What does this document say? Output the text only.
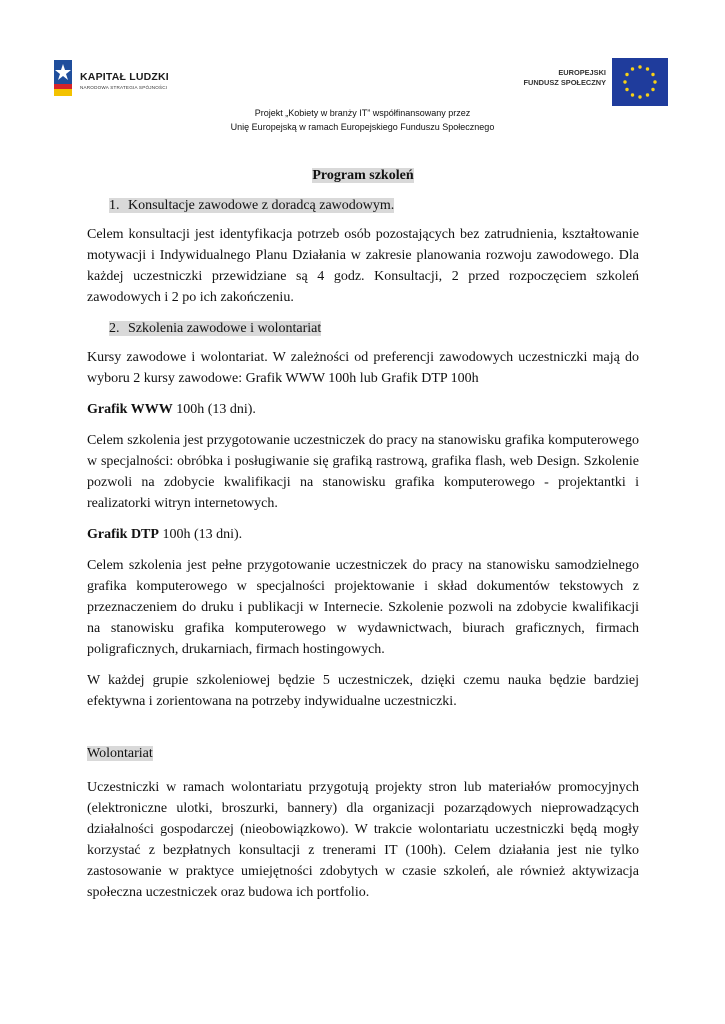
KAPITAŁ LUDZKI
NARODOWA STRATEGIA SPÓJNOŚCI
EUROPEJSKI
FUNDUSZ SPOŁECZNY
Projekt „Kobiety w branży IT” współfinansowany przez
Unię Europejską w ramach Europejskiego Funduszu Społecznego
Program szkoleń
1. Konsultacje zawodowe z doradcą zawodowym.

Celem konsultacji jest identyfikacja potrzeb osób pozostających bez zatrudnienia, kształtowanie motywacji i Indywidualnego Planu Działania w zakresie planowania rozwoju zawodowego. Dla każdej uczestniczki przewidziane są 4 godz. Konsultacji, 2 przed rozpoczęciem szkoleń zawodowych i 2 po ich zakończeniu.

2. Szkolenia zawodowe i wolontariat

Kursy zawodowe i wolontariat. W zależności od preferencji zawodowych uczestniczki mają do wyboru 2 kursy zawodowe: Grafik WWW 100h lub Grafik DTP 100h

Grafik WWW 100h (13 dni).

Celem szkolenia jest przygotowanie uczestniczek do pracy na stanowisku grafika komputerowego w specjalności: obróbka i posługiwanie się grafiką rastrową, grafika flash, web Design. Szkolenie pozwoli na zdobycie kwalifikacji na stanowisku grafika komputerowego - projektantki i realizatorki witryn internetowych.

Grafik DTP 100h (13 dni).

Celem szkolenia jest pełne przygotowanie uczestniczek do pracy na stanowisku samodzielnego grafika komputerowego w specjalności projektowanie i skład dokumentów tekstowych z przeznaczeniem do druku i publikacji w Internecie. Szkolenie pozwoli na zdobycie kwalifikacji na stanowisku grafika komputerowego w wydawnictwach, biurach graficznych, firmach poligraficznych, drukarniach, firmach hostingowych.

W każdej grupie szkoleniowej będzie 5 uczestniczek, dzięki czemu nauka będzie bardziej efektywna i zorientowana na potrzeby indywidualne uczestniczki.

Wolontariat

Uczestniczki w ramach wolontariatu przygotują projekty stron lub materiałów promocyjnych (elektroniczne ulotki, broszurki, bannery) dla organizacji pozarządowych nieprowadzących działalności gospodarczej (nieobowiązkowo). W trakcie wolontariatu uczestniczki będą mogły korzystać z bezpłatnych konsultacji z trenerami IT (100h). Celem działania jest nie tylko zastosowanie w praktyce umiejętności zdobytych w czasie szkoleń, ale również aktywizacja społeczna uczestniczek oraz budowa ich portfolio.
